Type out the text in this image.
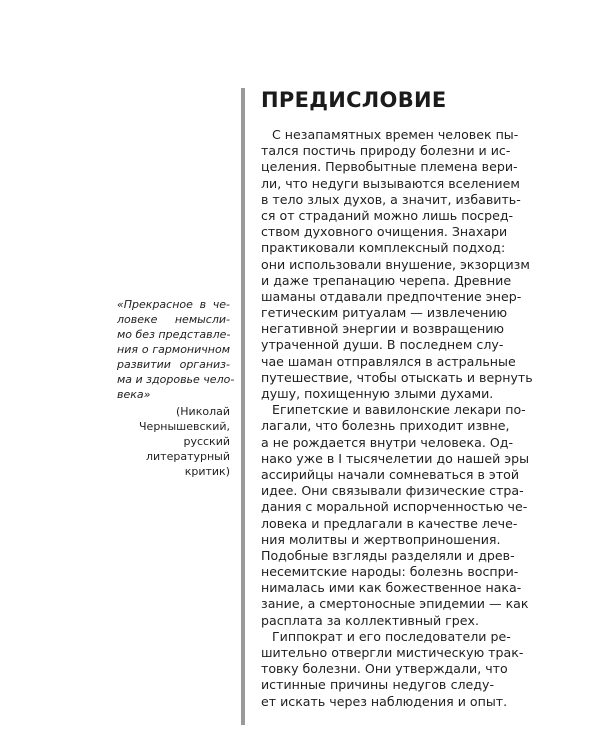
ПРЕДИСЛОВИЕ
С незапамятных времен человек пы-
тался постичь природу болезни и ис-
целения. Первобытные племена вери-
ли, что недуги вызываются вселением
в тело злых духов, а значит, избавить-
ся от страданий можно лишь посред-
ством духовного очищения. Знахари
практиковали комплексный подход:
они использовали внушение, экзорцизм
и даже трепанацию черепа. Древние
шаманы отдавали предпочтение энер-
гетическим ритуалам — извлечению
негативной энергии и возвращению
утраченной души. В последнем слу-
чае шаман отправлялся в астральные
путешествие, чтобы отыскать и вернуть
душу, похищенную злыми духами.
Египетские и вавилонские лекари по-
лагали, что болезнь приходит извне,
а не рождается внутри человека. Од-
нако уже в I тысячелетии до нашей эры
ассирийцы начали сомневаться в этой
идее. Они связывали физические стра-
дания с моральной испорченностью че-
ловека и предлагали в качестве лече-
ния молитвы и жертвоприношения.
Подобные взгляды разделяли и древ-
несемитские народы: болезнь воспри-
нималась ими как божественное нака-
зание, а смертоносные эпидемии — как
расплата за коллективный грех.
Гиппократ и его последователи ре-
шительно отвергли мистическую трак-
товку болезни. Они утверждали, что
истинные причины недугов следу-
ет искать через наблюдения и опыт.
«Прекрасное в че-
ловеке немысли-
мо без представле-
ния о гармоничном
развитии организ-
ма и здоровье чело-
века»
(Николай
Чернышевский,
русский
литературный
критик)
